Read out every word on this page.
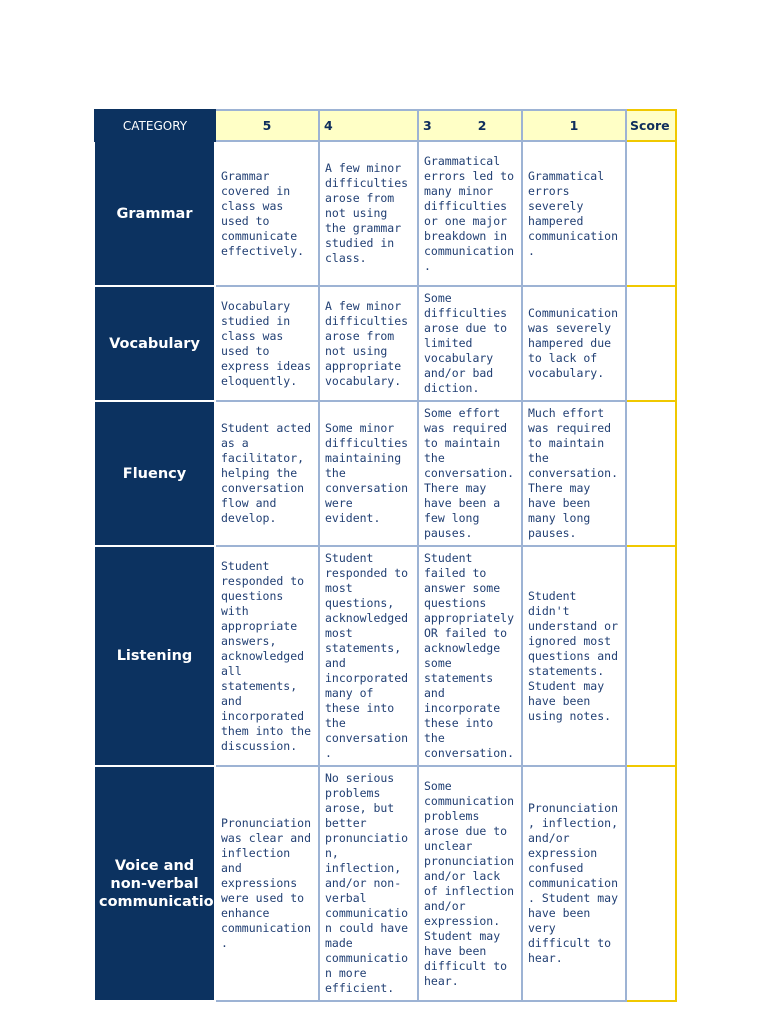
CATEGORY	5	4	3 2	1	Score
Grammar	Grammar covered in class was used to communicate effectively.	A few minor difficulties arose from not using the grammar studied in class.	Grammatical errors led to many minor difficulties or one major breakdown in communication.	Grammatical errors severely hampered communication.	
Vocabulary	Vocabulary studied in class was used to express ideas eloquently.	A few minor difficulties arose from not using appropriate vocabulary.	Some difficulties arose due to limited vocabulary and/or bad diction.	Communication was severely hampered due to lack of vocabulary.	
Fluency	Student acted as a facilitator, helping the conversation flow and develop.	Some minor difficulties maintaining the conversation were evident.	Some effort was required to maintain the conversation. There may have been a few long pauses.	Much effort was required to maintain the conversation. There may have been many long pauses.	
Listening	Student responded to questions with appropriate answers, acknowledged all statements, and incorporated them into the discussion.	Student responded to most questions, acknowledged most statements, and incorporated many of these into the conversation.	Student failed to answer some questions appropriately OR failed to acknowledge some statements and incorporate these into the conversation.	Student didn't understand or ignored most questions and statements. Student may have been using notes.	
Voice and non-verbal communication	Pronunciation was clear and inflection and expressions were used to enhance communication.	No serious problems arose, but better pronunciation, inflection, and/or non-verbal communication could have made communication more efficient.	Some communication problems arose due to unclear pronunciation and/or lack of inflection and/or expression. Student may have been difficult to hear.	Pronunciation, inflection, and/or expression confused communication. Student may have been very difficult to hear.	
